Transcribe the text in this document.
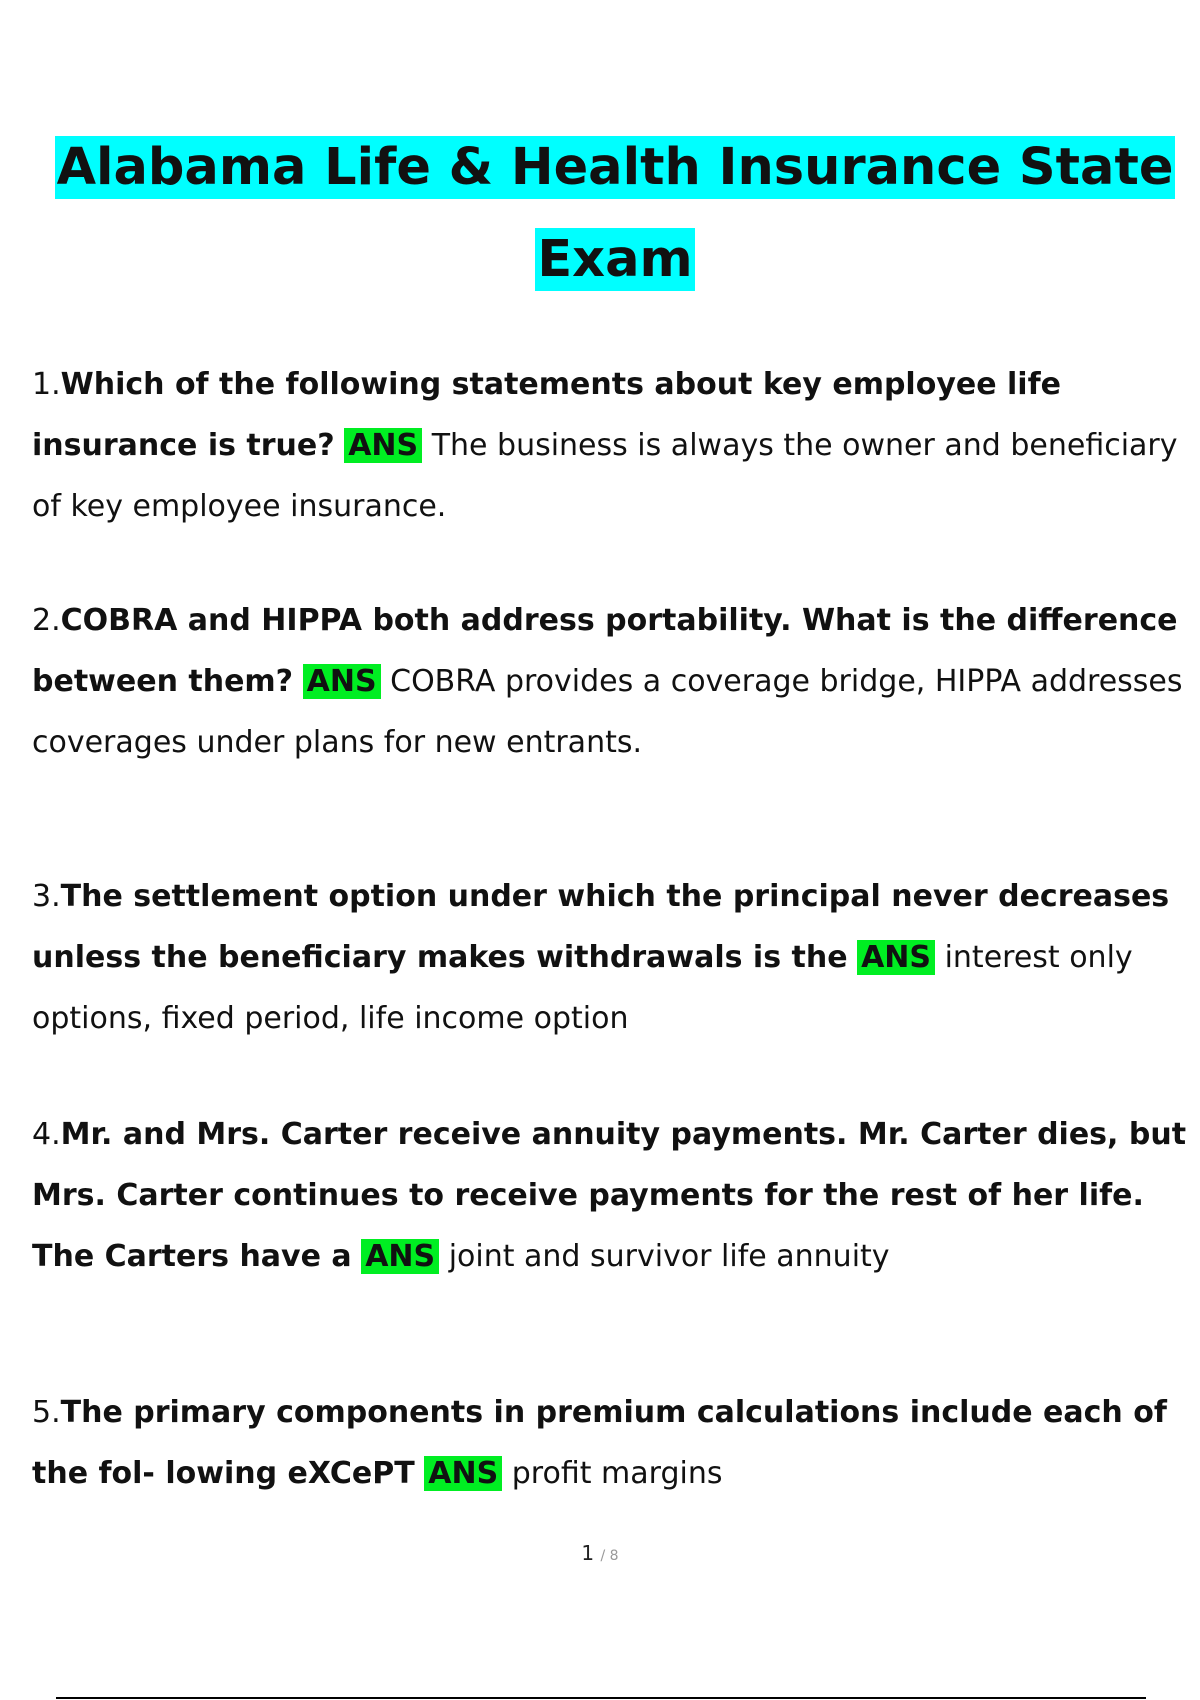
Alabama Life & Health Insurance State
Exam
1.Which of the following statements about key employee life insurance is true? ANS The business is always the owner and beneficiary of key employee insurance.
2.COBRA and HIPPA both address portability. What is the difference between them? ANS COBRA provides a coverage bridge, HIPPA addresses coverages under plans for new entrants.
3.The settlement option under which the principal never decreases unless the beneficiary makes withdrawals is the ANS interest only options, fixed period, life income option
4.Mr. and Mrs. Carter receive annuity payments. Mr. Carter dies, but Mrs. Carter continues to receive payments for the rest of her life. The Carters have a ANS joint and survivor life annuity
5.The primary components in premium calculations include each of the fol- lowing eXCePT ANS profit margins
1 / 8
